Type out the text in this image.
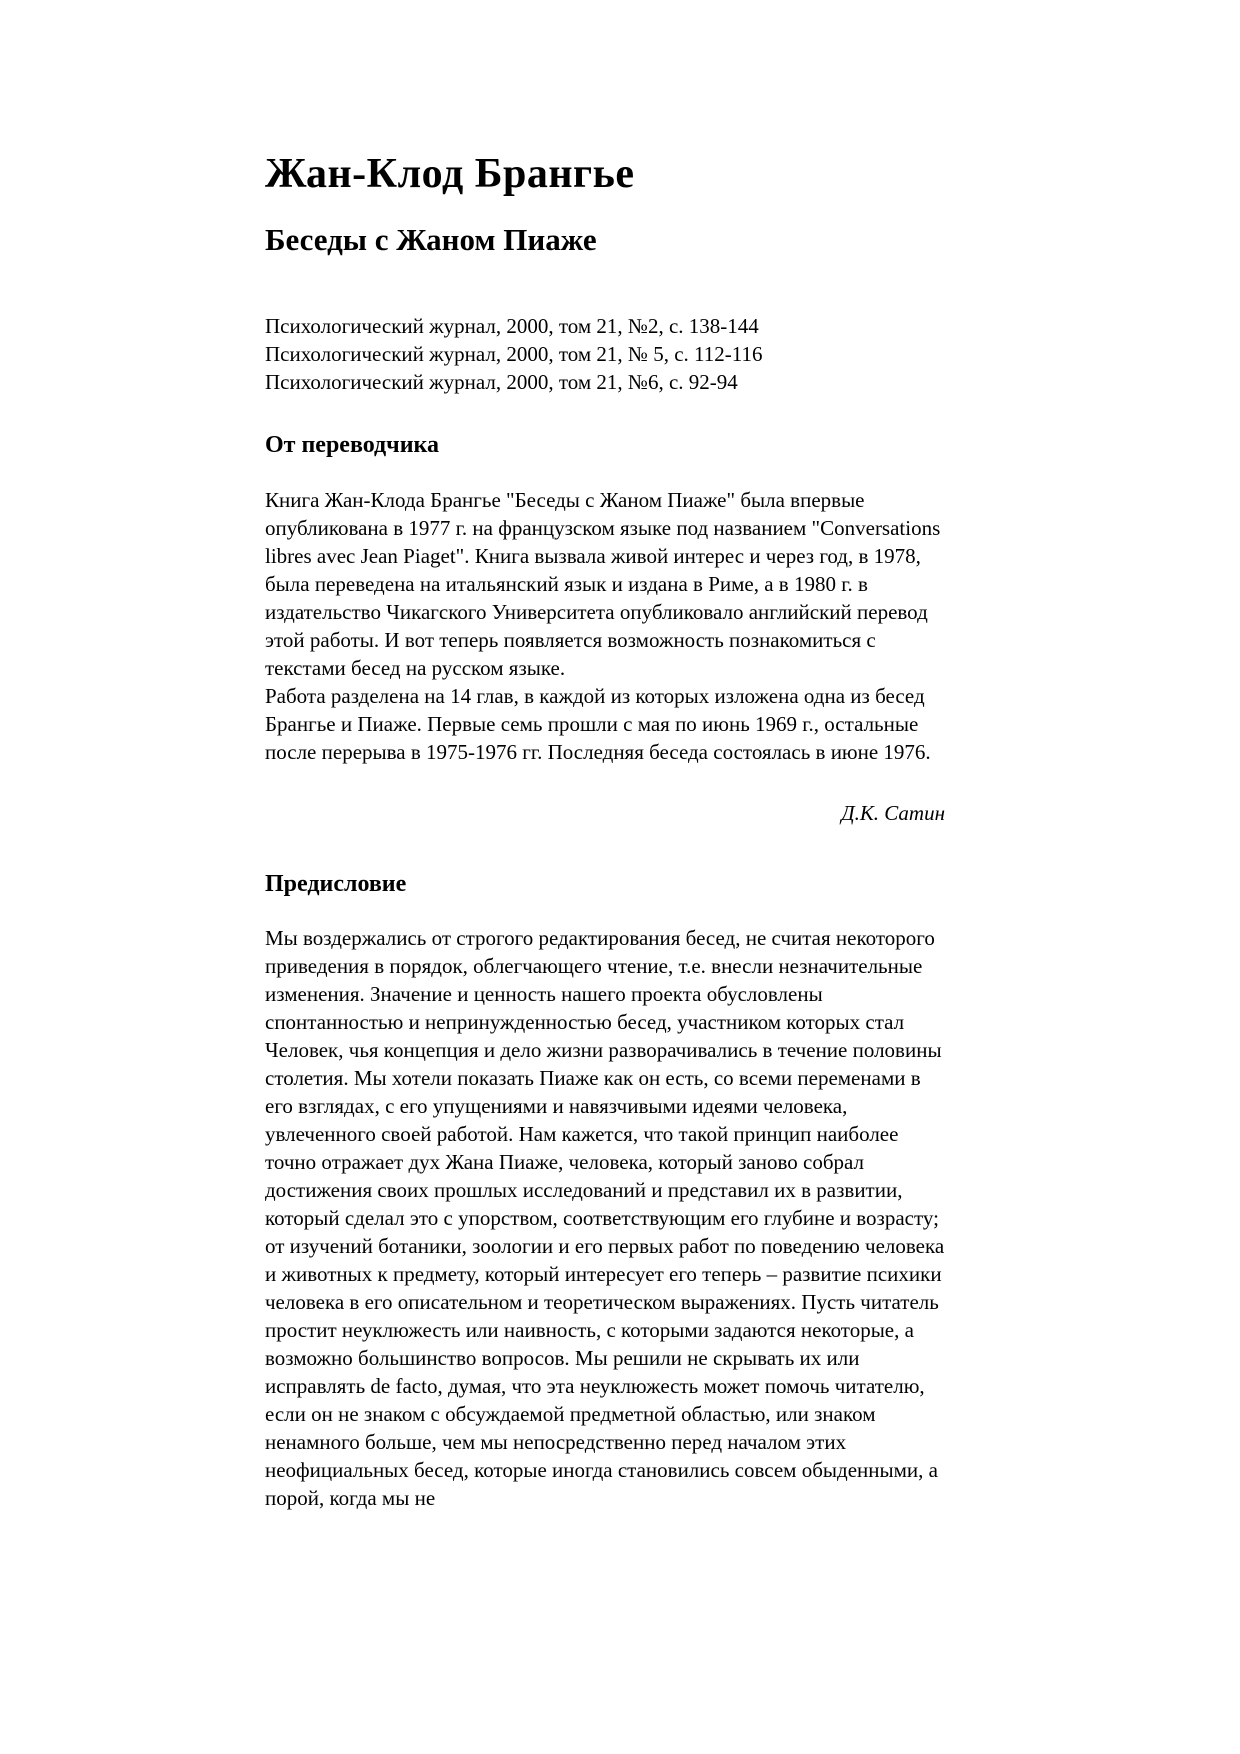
Жан-Клод Брангье
Беседы с Жаном Пиаже

Психологический журнал, 2000, том 21, №2, с. 138-144

Психологический журнал, 2000, том 21, № 5, с. 112-116

Психологический журнал, 2000, том 21, №6, с. 92-94

От переводчика

Книга Жан-Клода Брангье "Беседы с Жаном Пиаже" была впервые опубликована в 1977 г. на французском языке под названием "Conversations libres avec Jean Piaget". Книга вызвала живой интерес и через год, в 1978, была переведена на итальянский язык и издана в Риме, а в 1980 г. в издательство Чикагского Университета опубликовало английский перевод этой работы. И вот теперь появляется возможность познакомиться с текстами бесед на русском языке.

Работа разделена на 14 глав, в каждой из которых изложена одна из бесед Брангье и Пиаже. Первые семь прошли с мая по июнь 1969 г., остальные после перерыва в 1975-1976 гг. Последняя беседа состоялась в июне 1976.

Д.К. Сатин

Предисловие

Мы воздержались от строгого редактирования бесед, не считая некоторого приведения в порядок, облегчающего чтение, т.е. внесли незначительные изменения. Значение и ценность нашего проекта обусловлены спонтанностью и непринужденностью бесед, участником которых стал Человек, чья концепция и дело жизни разворачивались в течение половины столетия. Мы хотели показать Пиаже как он есть, со всеми переменами в его взглядах, с его упущениями и навязчивыми идеями человека, увлеченного своей работой. Нам кажется, что такой принцип наиболее точно отражает дух Жана Пиаже, человека, который заново собрал достижения своих прошлых исследований и представил их в развитии, который сделал это с упорством, соответствующим его глубине и возрасту; от изучений ботаники, зоологии и его первых работ по поведению человека и животных к предмету, который интересует его теперь – развитие психики человека в его описательном и теоретическом выражениях. Пусть читатель простит неуклюжесть или наивность, с которыми задаются некоторые, а возможно большинство вопросов. Мы решили не скрывать их или исправлять de facto, думая, что эта неуклюжесть может помочь читателю, если он не знаком с обсуждаемой предметной областью, или знаком ненамного больше, чем мы непосредственно перед началом этих неофициальных бесед, которые иногда становились совсем обыденными, а порой, когда мы не
